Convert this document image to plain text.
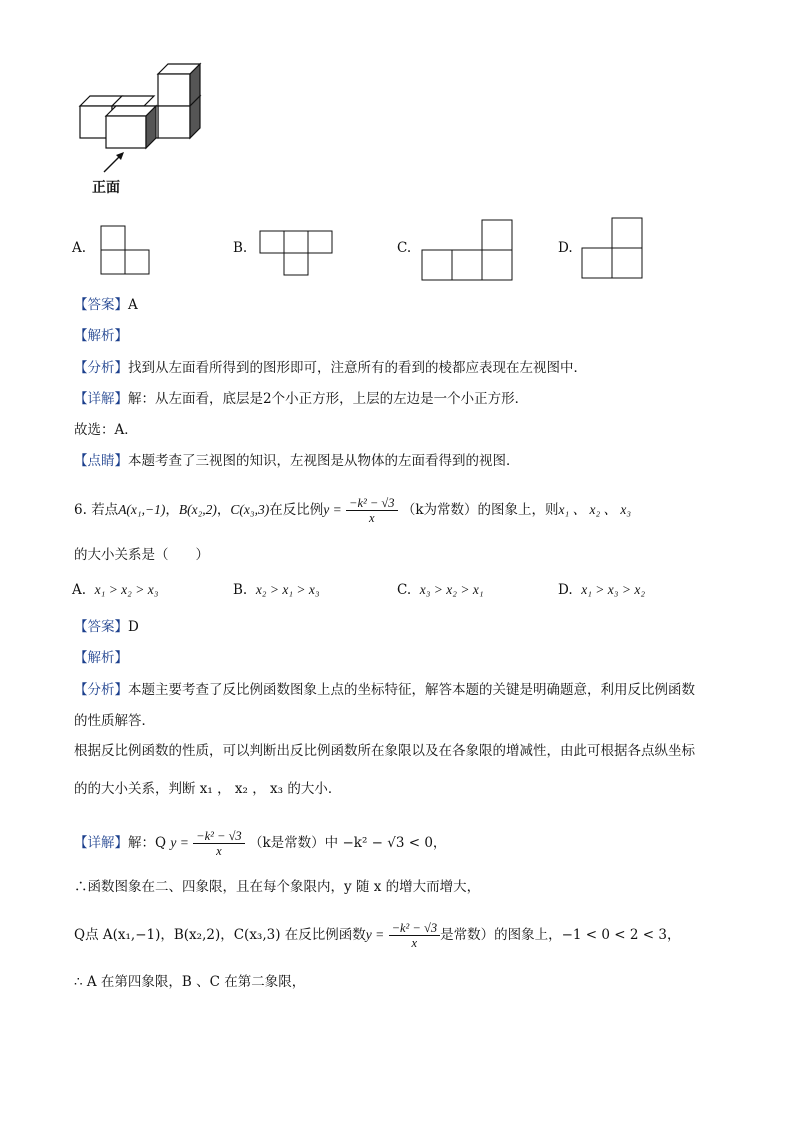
正面
A.	B.	C.	D.
【答案】A
【解析】
【分析】找到从左面看所得到的图形即可，注意所有的看到的棱都应表现在左视图中．
【详解】解：从左面看，底层是2个小正方形，上层的左边是一个小正方形．
故选：A．
【点睛】本题考查了三视图的知识，左视图是从物体的左面看得到的视图．
6. 若点A(x₁,−1)，B(x₂,2)，C(x₃,3)在反比例$y = \frac{\text{−k² − √3}}{x} (k$为常数）的图象上，则x₁ 、 x₂ 、 x₃
的大小关系是（　　）
A. x₁ > x₂ > x₃	B. x₂ > x₁ > x₃	C. x₃ > x₂ > x₁	D. x₁ > x₃ > x₂
【答案】D
【解析】
【分析】本题主要考查了反比例函数图象上点的坐标特征，解答本题的关键是明确题意，利用反比例函数
的性质解答．
根据反比例函数的性质，可以判断出反比例函数所在象限以及在各象限的增减性，由此可根据各点纵坐标
的的大小关系，判断 x₁ ， x₂ ， x₃ 的大小．
【详解】解：Q $y = \frac{\text{−k² − √3}}{x} (k$是常数）中 −k² − √3 < 0，
∴函数图象在二、四象限，且在每个象限内，y 随 x 的增大而增大，
Q点 A(x₁,−1)，B(x₂,2)，C(x₃,3) 在反比例函数$y = \frac{\text{−k² − √3}}{x}$ 是常数）的图象上，−1 < 0 < 2 < 3，
∴ A 在第四象限，B 、C 在第二象限，
